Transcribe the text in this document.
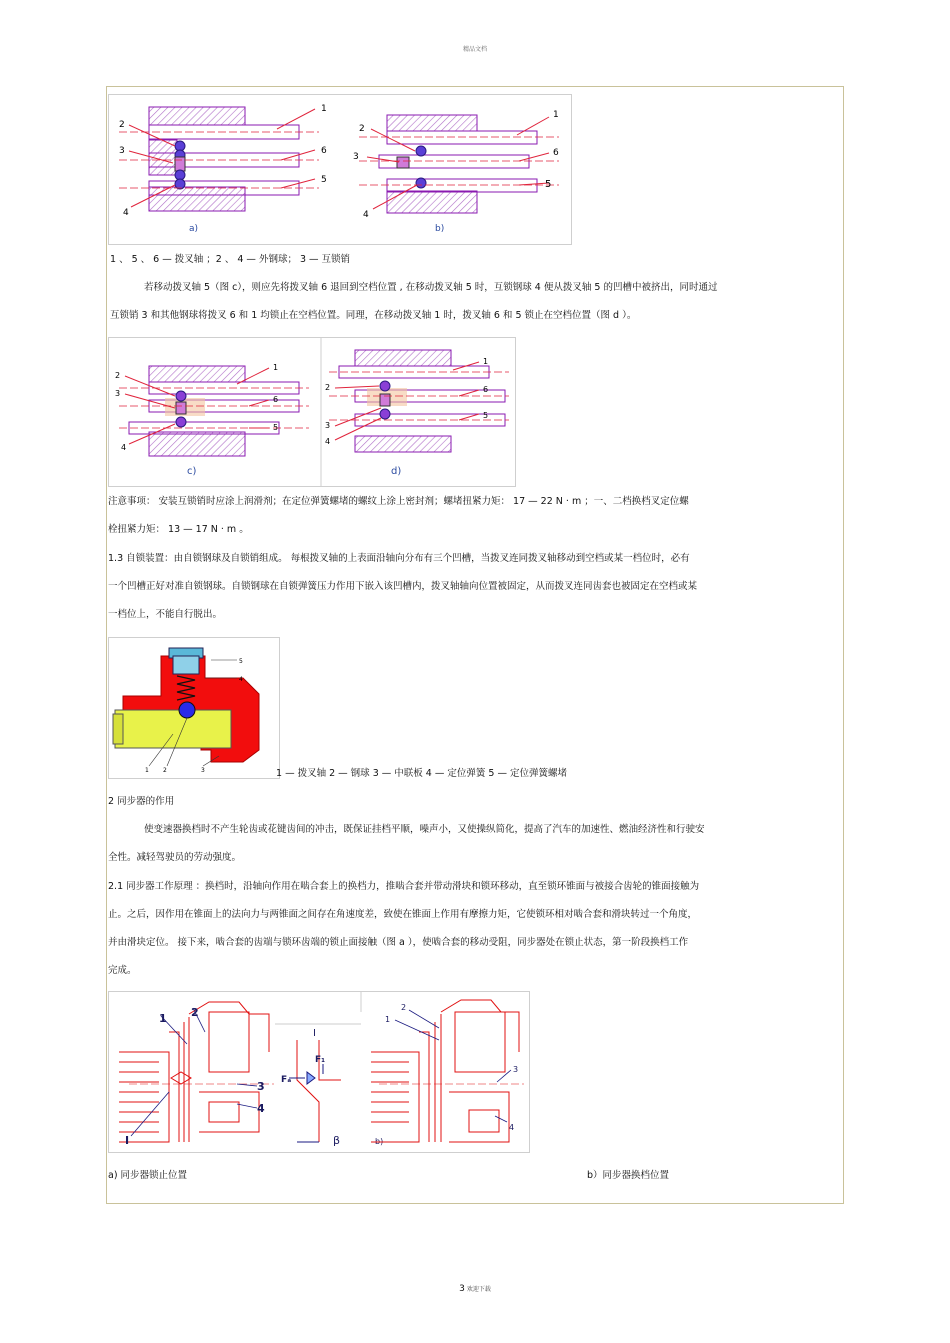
精品文档
1
2
3	6
5
4
a)
1
2
3	6
5
4
b)
1 、 5 、 6 — 拨叉轴 ；2 、 4 — 外钢球； 3 — 互锁销
若移动拨叉轴 5（图 c），则应先将拨叉轴 6 退回到空档位置 , 在移动拨叉轴 5 时，互锁钢球 4 便从拨叉轴 5 的凹槽中被挤出，同时通过
互锁销 3 和其他钢球将拨叉 6 和 1 均锁止在空档位置。同理，在移动拨叉轴 1 时，拨叉轴 6 和 5 锁止在空档位置（图 d ）。
2
3
1
6
5
4
c)
1
2	6
5
3
4
d)
注意事项： 安装互锁销时应涂上润滑剂；在定位弹簧螺堵的螺纹上涂上密封剂；螺堵扭紧力矩： 17 — 22 N · m ；一、二档换档叉定位螺
栓扭紧力矩： 13 — 17 N · m 。
1.3 自锁装置：由自锁钢球及自锁销组成。 每根拨叉轴的上表面沿轴向分布有三个凹槽，当拨叉连同拨叉轴移动到空档或某一档位时，必有
一个凹槽正好对准自锁钢球。自锁钢球在自锁弹簧压力作用下嵌入该凹槽内，拨叉轴轴向位置被固定，从而拨叉连同齿套也被固定在空档或某
一档位上，不能自行脱出。
5
4
1 2	3	1 — 拨叉轴 2 — 钢球 3 — 中联板 4 — 定位弹簧 5 — 定位弹簧螺堵
2 同步器的作用
使变速器换档时不产生轮齿或花键齿间的冲击，既保证挂档平顺，噪声小，又使操纵简化，提高了汽车的加速性、燃油经济性和行驶安
全性。减轻驾驶员的劳动强度。
2.1 同步器工作原理 ：换档时，沿轴向作用在啮合套上的换档力，推啮合套并带动滑块和锁环移动，直至锁环锥面与被接合齿轮的锥面接触为
止。之后，因作用在锥面上的法向力与两锥面之间存在角速度差，致使在锥面上作用有摩擦力矩，它使锁环相对啮合套和滑块转过一个角度，
并由滑块定位。 接下来，啮合套的齿端与锁环齿端的锁止面接触（图 a ），使啮合套的移动受阻，同步器处在锁止状态，第一阶段换档工作
完成。
1 2
3
4
I
I
F₁
Fₐ
β	b)
2
1
3
4
a) 同步器锁止位置	b）同步器换档位置
3 欢迎下载
